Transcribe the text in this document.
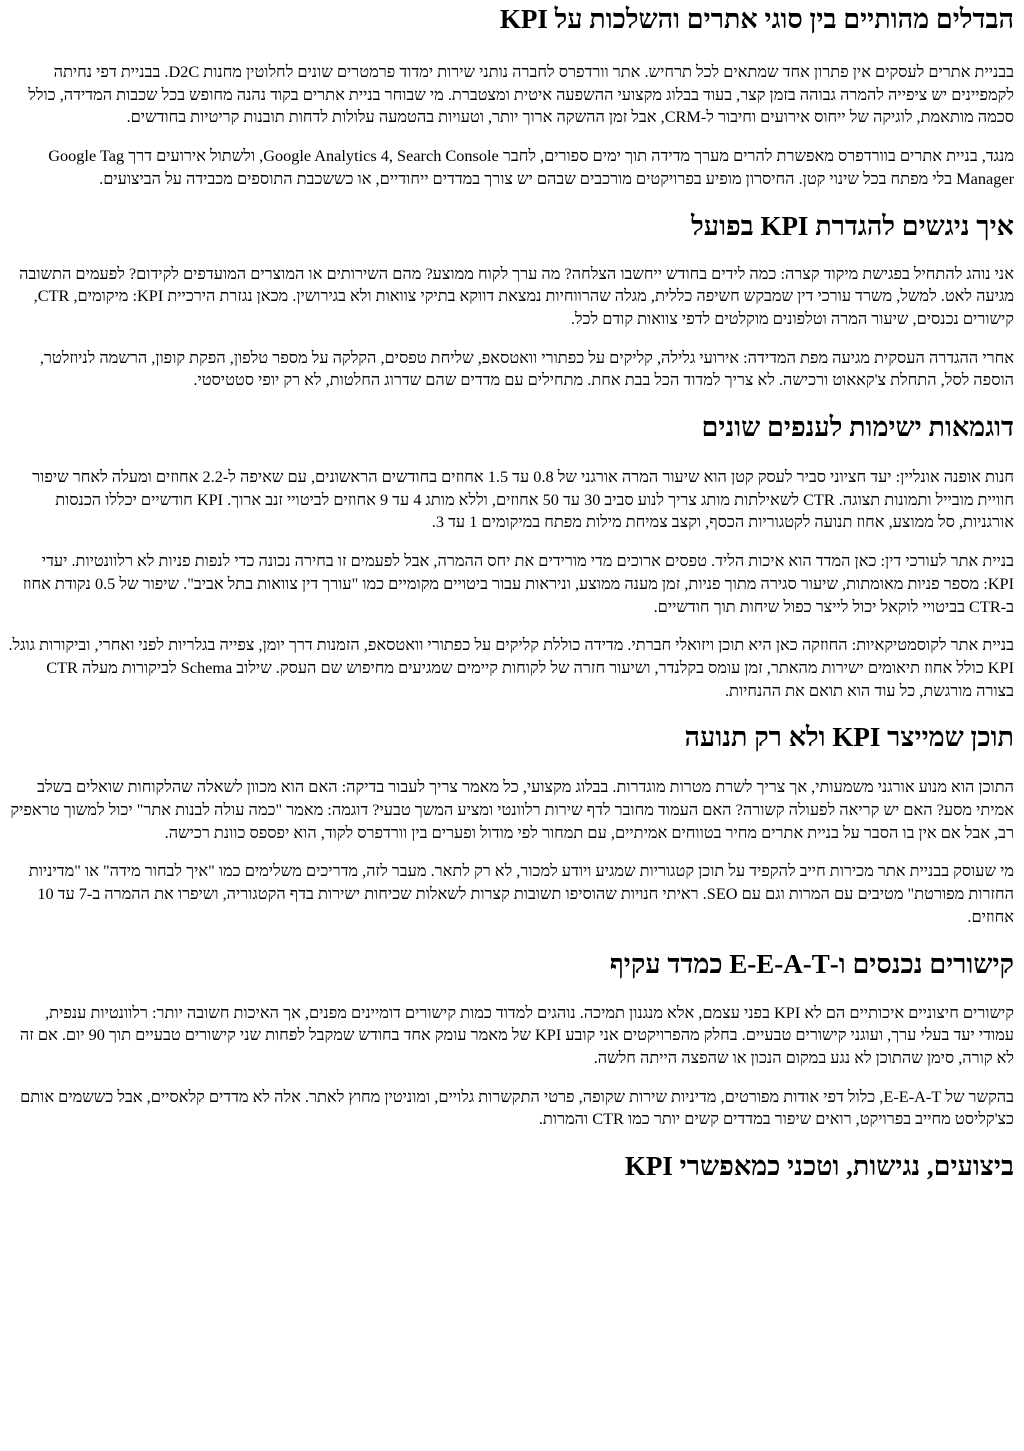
הבדלים מהותיים בין סוגי אתרים והשלכות על KPI

בבניית אתרים לעסקים אין פתרון אחד שמתאים לכל תרחיש. אתר וורדפרס לחברה נותני שירות ימדוד פרמטרים שונים לחלוטין מחנות D2C. בבניית דפי נחיתה לקמפיינים יש ציפייה להמרה גבוהה בזמן קצר, בעוד בבלוג מקצועי ההשפעה איטית ומצטברת. מי שבוחר בניית אתרים בקוד נהנה מחופש בכל שכבות המדידה, כולל סכמה מותאמת, לוגיקה של ייחוס אירועים וחיבור ל-CRM, אבל זמן ההשקה ארוך יותר, וטעויות בהטמעה עלולות לדחות תובנות קריטיות בחודשים.

מנגד, בניית אתרים בוורדפרס מאפשרת להרים מערך מדידה תוך ימים ספורים, לחבר Google Analytics 4, Search Console, ולשתול אירועים דרך Google Tag Manager בלי מפתח בכל שינוי קטן. החיסרון מופיע בפרויקטים מורכבים שבהם יש צורך במדדים ייחודיים, או כששכבת התוספים מכבידה על הביצועים.

איך ניגשים להגדרת KPI בפועל

אני נוהג להתחיל בפגישת מיקוד קצרה: כמה לידים בחודש ייחשבו הצלחה? מה ערך לקוח ממוצע? מהם השירותים או המוצרים המועדפים לקידום? לפעמים התשובה מגיעה לאט. למשל, משרד עורכי דין שמבקש חשיפה כללית, מגלה שהרווחיות נמצאת דווקא בתיקי צוואות ולא בגירושין. מכאן נגזרת הירכיית KPI: מיקומים, CTR, קישורים נכנסים, שיעור המרה וטלפונים מוקלטים לדפי צוואות קודם לכל.

אחרי ההגדרה העסקית מגיעה מפת המדידה: אירועי גלילה, קליקים על כפתורי וואטסאפ, שליחת טפסים, הקלקה על מספר טלפון, הפקת קופון, הרשמה לניוזלטר, הוספה לסל, התחלת צ'קאאוט ורכישה. לא צריך למדוד הכל בבת אחת. מתחילים עם מדדים שהם שדרוג החלטות, לא רק יופי סטטיסטי.

דוגמאות ישימות לענפים שונים

חנות אופנה אונליין: יעד חציוני סביר לעסק קטן הוא שיעור המרה אורגני של 0.8 עד 1.5 אחוזים בחודשים הראשונים, עם שאיפה ל-2.2 אחוזים ומעלה לאחר שיפור חוויית מובייל ותמונות תצוגה. CTR לשאילתות מותג צריך לנוע סביב 30 עד 50 אחוזים, וללא מותג 4 עד 9 אחוזים לביטויי זנב ארוך. KPI חודשיים יכללו הכנסות אורגניות, סל ממוצע, אחוז תנועה לקטגוריות הכסף, וקצב צמיחת מילות מפתח במיקומים 1 עד 3.

בניית אתר לעורכי דין: כאן המדד הוא איכות הליד. טפסים ארוכים מדי מורידים את יחס ההמרה, אבל לפעמים זו בחירה נכונה כדי לנפות פניות לא רלוונטיות. יעדי KPI: מספר פניות מאומתות, שיעור סגירה מתוך פניות, זמן מענה ממוצע, וניראות עבור ביטויים מקומיים כמו "עורך דין צוואות בתל אביב". שיפור של 0.5 נקודת אחוז ב-CTR בביטויי לוקאל יכול לייצר כפול שיחות תוך חודשיים.

בניית אתר לקוסמטיקאיות: החוזקה כאן היא תוכן ויזואלי חברתי. מדידה כוללת קליקים על כפתורי וואטסאפ, הזמנות דרך יומן, צפייה בגלריות לפני ואחרי, וביקורות גוגל. KPI כולל אחוז תיאומים ישירות מהאתר, זמן עומס בקלנדר, ושיעור חזרה של לקוחות קיימים שמגיעים מחיפוש שם העסק. שילוב Schema לביקורות מעלה CTR בצורה מורגשת, כל עוד הוא תואם את ההנחיות.

תוכן שמייצר KPI ולא רק תנועה

התוכן הוא מנוע אורגני משמעותי, אך צריך לשרת מטרות מוגדרות. בבלוג מקצועי, כל מאמר צריך לעבור בדיקה: האם הוא מכוון לשאלה שהלקוחות שואלים בשלב אמיתי מסע? האם יש קריאה לפעולה קשורה? האם העמוד מחובר לדף שירות רלוונטי ומציע המשך טבעי? דוגמה: מאמר "כמה עולה לבנות אתר" יכול למשוך טראפיק רב, אבל אם אין בו הסבר על בניית אתרים מחיר בטווחים אמיתיים, עם תמחור לפי מודול ופערים בין וורדפרס לקוד, הוא יפספס כוונת רכישה.

מי שעוסק בבניית אתר מכירות חייב להקפיד על תוכן קטגוריות שמגיע ויודע למכור, לא רק לתאר. מעבר לזה, מדריכים משלימים כמו "איך לבחור מידה" או "מדיניות החזרות מפורטת" מטיבים עם המרות וגם עם SEO. ראיתי חנויות שהוסיפו תשובות קצרות לשאלות שכיחות ישירות בדף הקטגוריה, ושיפרו את ההמרה ב-7 עד 10 אחוזים.

קישורים נכנסים ו-E-E-A-T כמדד עקיף

קישורים חיצוניים איכותיים הם לא KPI בפני עצמם, אלא מנגנון תמיכה. נוהגים למדוד כמות קישורים דומיינים מפנים, אך האיכות חשובה יותר: רלוונטיות ענפית, עמודי יעד בעלי ערך, ועוגני קישורים טבעיים. בחלק מהפרויקטים אני קובע KPI של מאמר עומק אחד בחודש שמקבל לפחות שני קישורים טבעיים תוך 90 יום. אם זה לא קורה, סימן שהתוכן לא נגע במקום הנכון או שהפצה הייתה חלשה.

בהקשר של E-E-A-T, כלול דפי אודות מפורטים, מדיניות שירות שקופה, פרטי התקשרות גלויים, ומוניטין מחוץ לאתר. אלה לא מדדים קלאסיים, אבל כששמים אותם כצ'קליסט מחייב בפרויקט, רואים שיפור במדדים קשים יותר כמו CTR והמרות.

ביצועים, נגישות, וטכני כמאפשרי KPI
